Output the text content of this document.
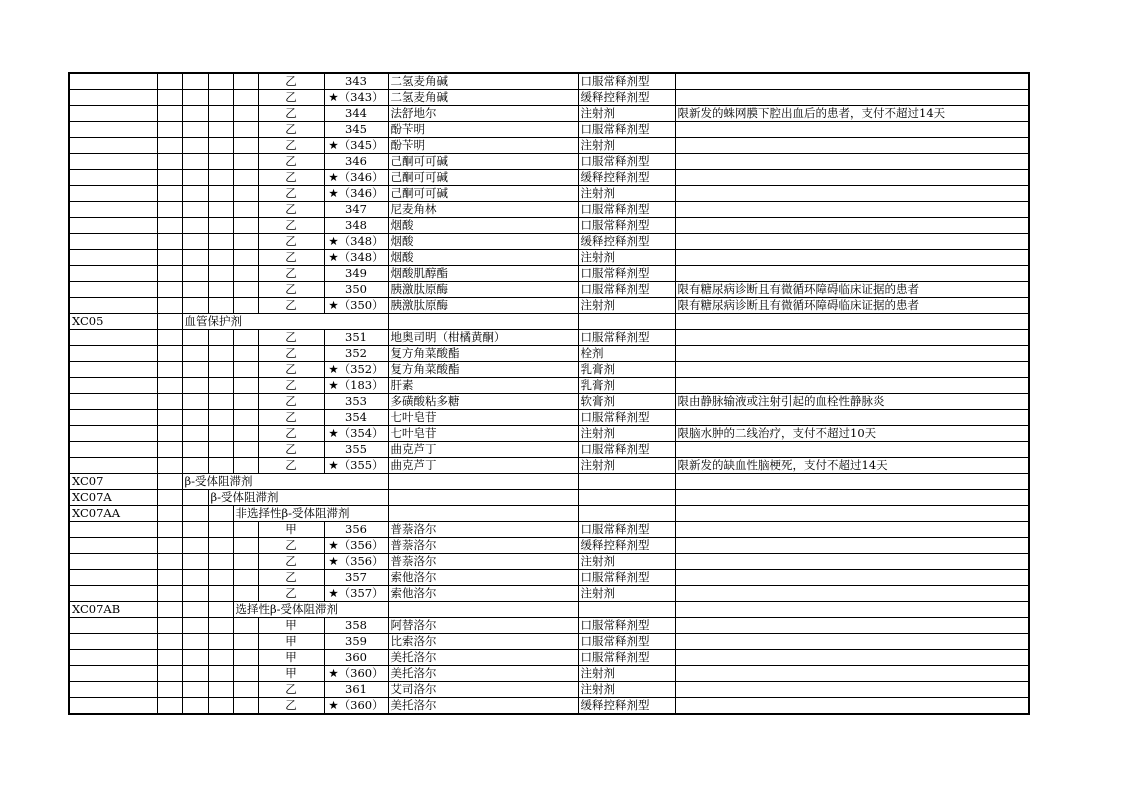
					乙	343	二氢麦角碱	口服常释剂型	
					乙	★（343）	二氢麦角碱	缓释控释剂型	
					乙	344	法舒地尔	注射剂	限新发的蛛网膜下腔出血后的患者，支付不超过14天
					乙	345	酚苄明	口服常释剂型	
					乙	★（345）	酚苄明	注射剂	
					乙	346	己酮可可碱	口服常释剂型	
					乙	★（346）	己酮可可碱	缓释控释剂型	
					乙	★（346）	己酮可可碱	注射剂	
					乙	347	尼麦角林	口服常释剂型	
					乙	348	烟酸	口服常释剂型	
					乙	★（348）	烟酸	缓释控释剂型	
					乙	★（348）	烟酸	注射剂	
					乙	349	烟酸肌醇酯	口服常释剂型	
					乙	350	胰激肽原酶	口服常释剂型	限有糖尿病诊断且有微循环障碍临床证据的患者
					乙	★（350）	胰激肽原酶	注射剂	限有糖尿病诊断且有微循环障碍临床证据的患者
XC05		血管保护剂							
					乙	351	地奥司明（柑橘黄酮）	口服常释剂型	
					乙	352	复方角菜酸酯	栓剂	
					乙	★（352）	复方角菜酸酯	乳膏剂	
					乙	★（183）	肝素	乳膏剂	
					乙	353	多磺酸粘多糖	软膏剂	限由静脉输液或注射引起的血栓性静脉炎
					乙	354	七叶皂苷	口服常释剂型	
					乙	★（354）	七叶皂苷	注射剂	限脑水肿的二线治疗，支付不超过10天
					乙	355	曲克芦丁	口服常释剂型	
					乙	★（355）	曲克芦丁	注射剂	限新发的缺血性脑梗死，支付不超过14天
XC07		β-受体阻滞剂							
XC07A			β-受体阻滞剂						
XC07AA				非选择性β-受体阻滞剂					
					甲	356	普萘洛尔	口服常释剂型	
					乙	★（356）	普萘洛尔	缓释控释剂型	
					乙	★（356）	普萘洛尔	注射剂	
					乙	357	索他洛尔	口服常释剂型	
					乙	★（357）	索他洛尔	注射剂	
XC07AB				选择性β-受体阻滞剂					
					甲	358	阿替洛尔	口服常释剂型	
					甲	359	比索洛尔	口服常释剂型	
					甲	360	美托洛尔	口服常释剂型	
					甲	★（360）	美托洛尔	注射剂	
					乙	361	艾司洛尔	注射剂	
					乙	★（360）	美托洛尔	缓释控释剂型	
